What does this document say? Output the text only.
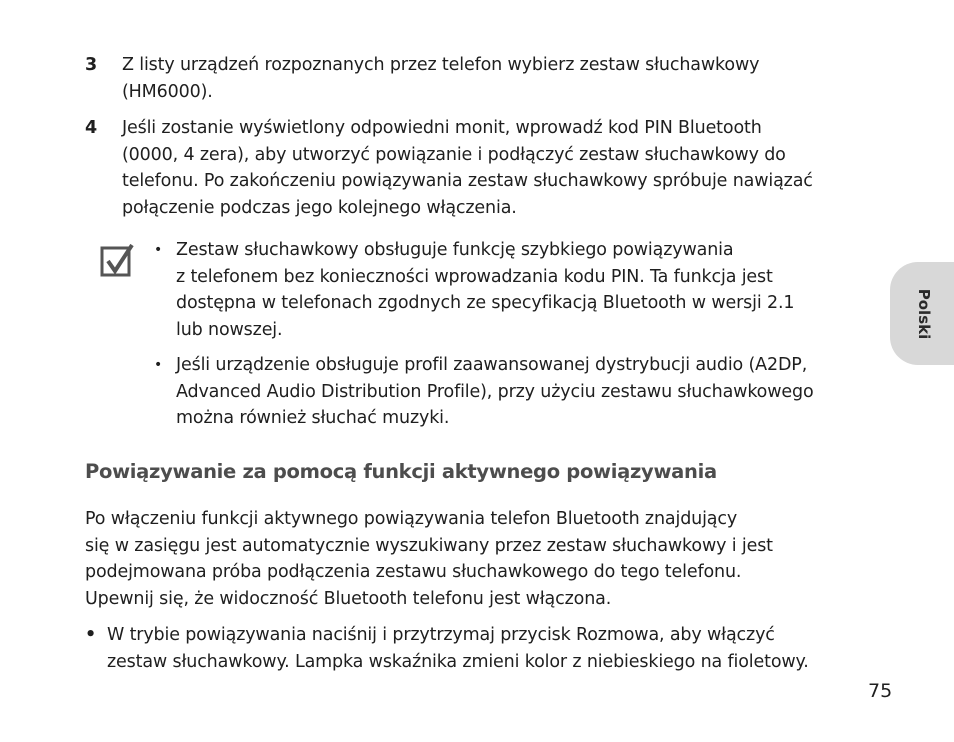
3	Z listy urządzeń rozpoznanych przez telefon wybierz zestaw słuchawkowy
(HM6000).
4	Jeśli zostanie wyświetlony odpowiedni monit, wprowadź kod PIN Bluetooth
(0000, 4 zera), aby utworzyć powiązanie i podłączyć zestaw słuchawkowy do
telefonu. Po zakończeniu powiązywania zestaw słuchawkowy spróbuje nawiązać
połączenie podczas jego kolejnego włączenia.
• Zestaw słuchawkowy obsługuje funkcję szybkiego powiązywania
z telefonem bez konieczności wprowadzania kodu PIN. Ta funkcja jest
dostępna w telefonach zgodnych ze specyfikacją Bluetooth w wersji 2.1
lub nowszej.
• Jeśli urządzenie obsługuje profil zaawansowanej dystrybucji audio (A2DP,
Advanced Audio Distribution Profile), przy użyciu zestawu słuchawkowego
można również słuchać muzyki.
Powiązywanie za pomocą funkcji aktywnego powiązywania

Po włączeniu funkcji aktywnego powiązywania telefon Bluetooth znajdujący
się w zasięgu jest automatycznie wyszukiwany przez zestaw słuchawkowy i jest
podejmowana próba podłączenia zestawu słuchawkowego do tego telefonu.
Upewnij się, że widoczność Bluetooth telefonu jest włączona.

• W trybie powiązywania naciśnij i przytrzymaj przycisk Rozmowa, aby włączyć
zestaw słuchawkowy. Lampka wskaźnika zmieni kolor z niebieskiego na fioletowy.
75
Polski
